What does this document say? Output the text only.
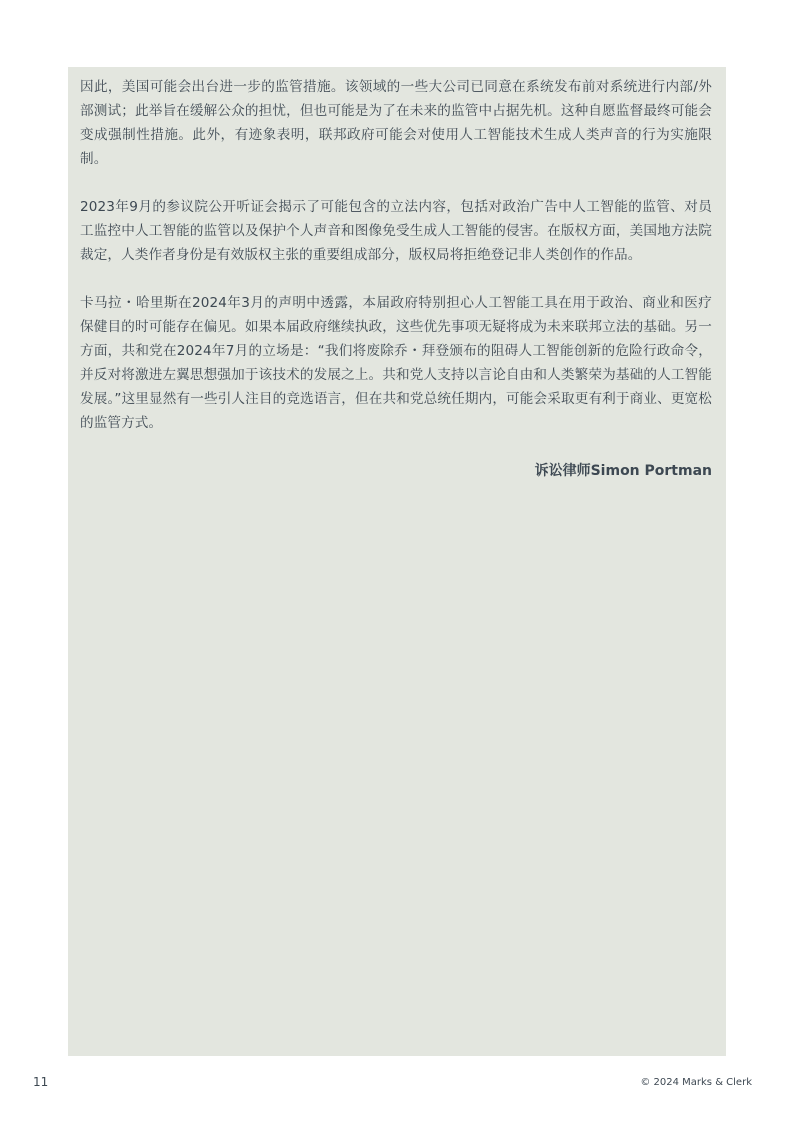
因此，美国可能会出台进一步的监管措施。该领域的一些大公司已同意在系统发布前对系统进行内部/外部测试；此举旨在缓解公众的担忧，但也可能是为了在未来的监管中占据先机。这种自愿监督最终可能会变成强制性措施。此外，有迹象表明，联邦政府可能会对使用人工智能技术生成人类声音的行为实施限制。

2023年9月的参议院公开听证会揭示了可能包含的立法内容，包括对政治广告中人工智能的监管、对员工监控中人工智能的监管以及保护个人声音和图像免受生成人工智能的侵害。在版权方面，美国地方法院裁定，人类作者身份是有效版权主张的重要组成部分，版权局将拒绝登记非人类创作的作品。

卡马拉・哈里斯在2024年3月的声明中透露，本届政府特别担心人工智能工具在用于政治、商业和医疗保健目的时可能存在偏见。如果本届政府继续执政，这些优先事项无疑将成为未来联邦立法的基础。另一方面，共和党在2024年7月的立场是：“我们将废除乔・拜登颁布的阻碍人工智能创新的危险行政命令，并反对将激进左翼思想强加于该技术的发展之上。共和党人支持以言论自由和人类繁荣为基础的人工智能发展。”这里显然有一些引人注目的竞选语言，但在共和党总统任期内，可能会采取更有利于商业、更宽松的监管方式。

诉讼律师Simon Portman

11	© 2024 Marks & Clerk
